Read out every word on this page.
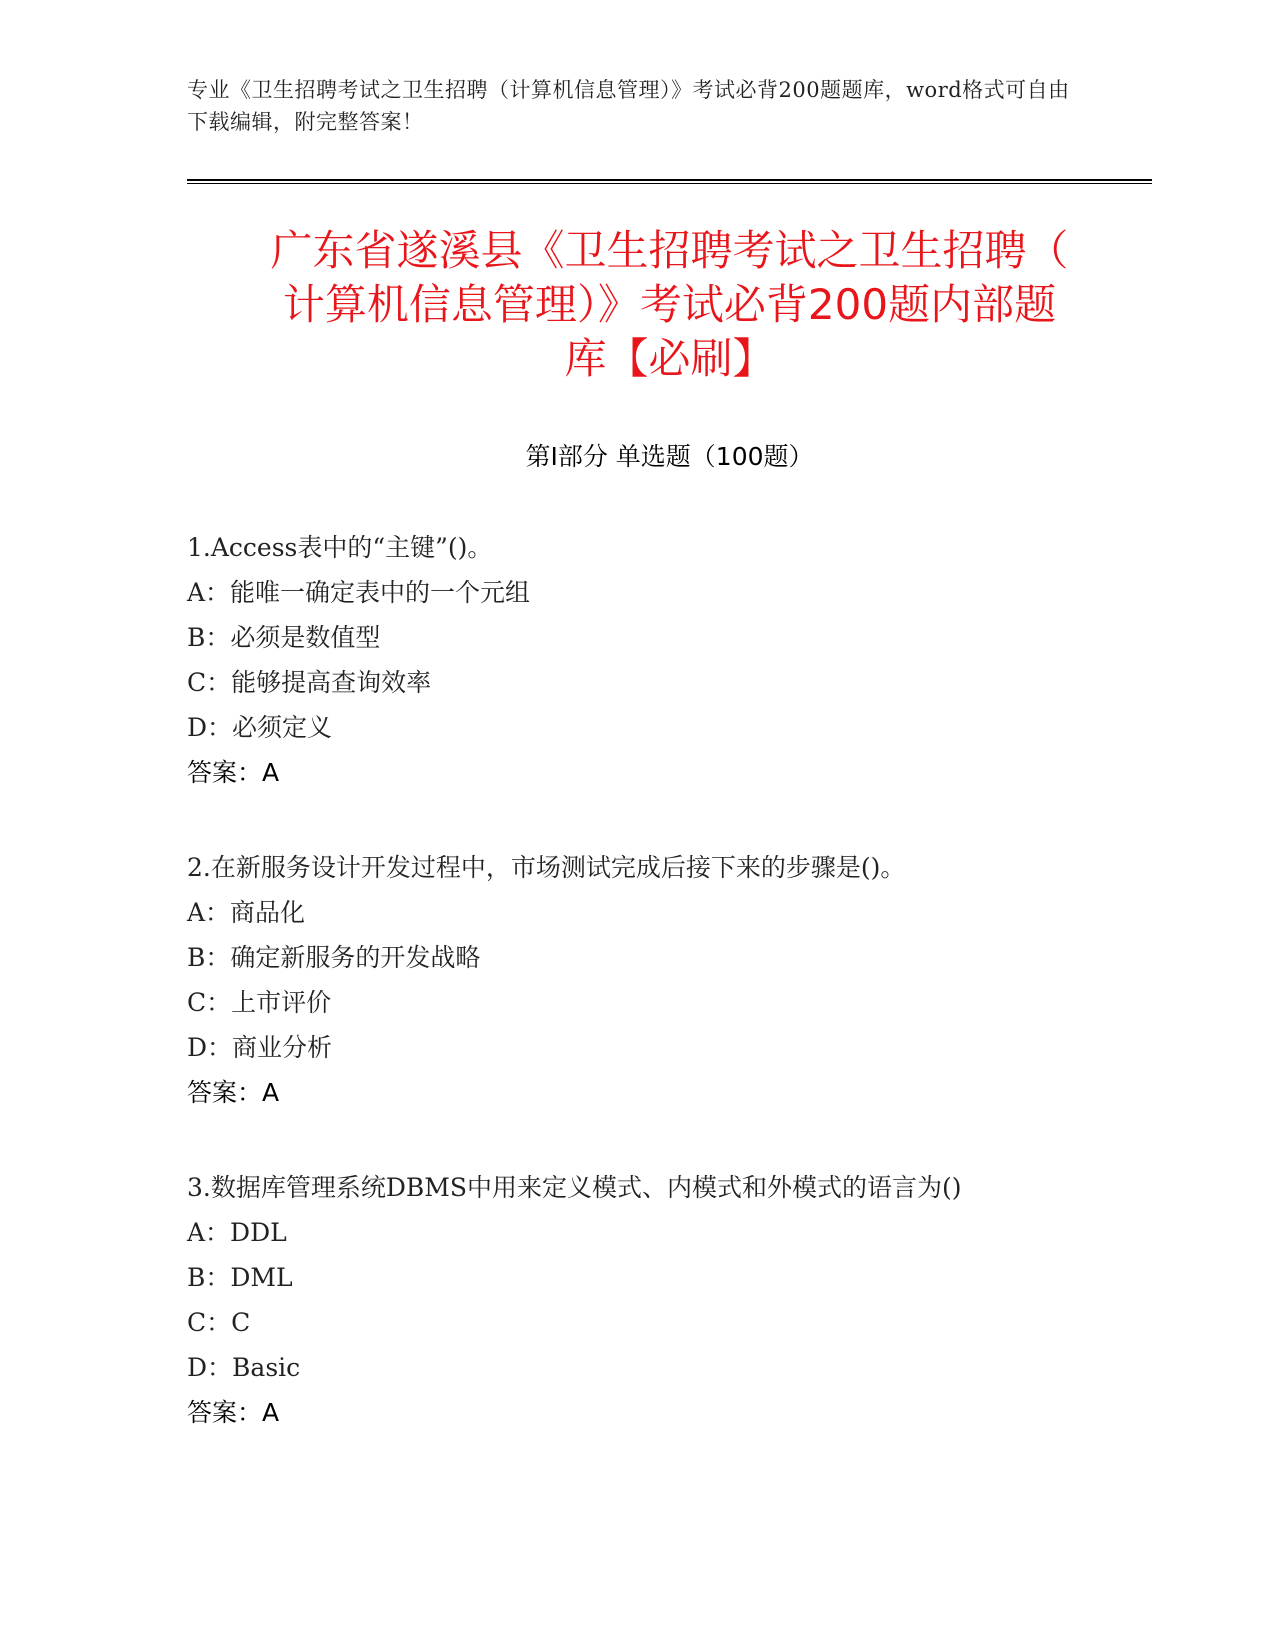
专业《卫生招聘考试之卫生招聘（计算机信息管理）》考试必背200题题库，word格式可自由下载编辑，附完整答案！
广东省遂溪县《卫生招聘考试之卫生招聘（
计算机信息管理）》考试必背200题内部题
库【必刷】
第Ⅰ部分 单选题（100题）
1.Access表中的“主键”()。
A：能唯一确定表中的一个元组
B：必须是数值型
C：能够提高查询效率
D：必须定义
答案：A
2.在新服务设计开发过程中，市场测试完成后接下来的步骤是()。
A：商品化
B：确定新服务的开发战略
C：上市评价
D：商业分析
答案：A
3.数据库管理系统DBMS中用来定义模式、内模式和外模式的语言为()
A：DDL
B：DML
C：C
D：Basic
答案：A
